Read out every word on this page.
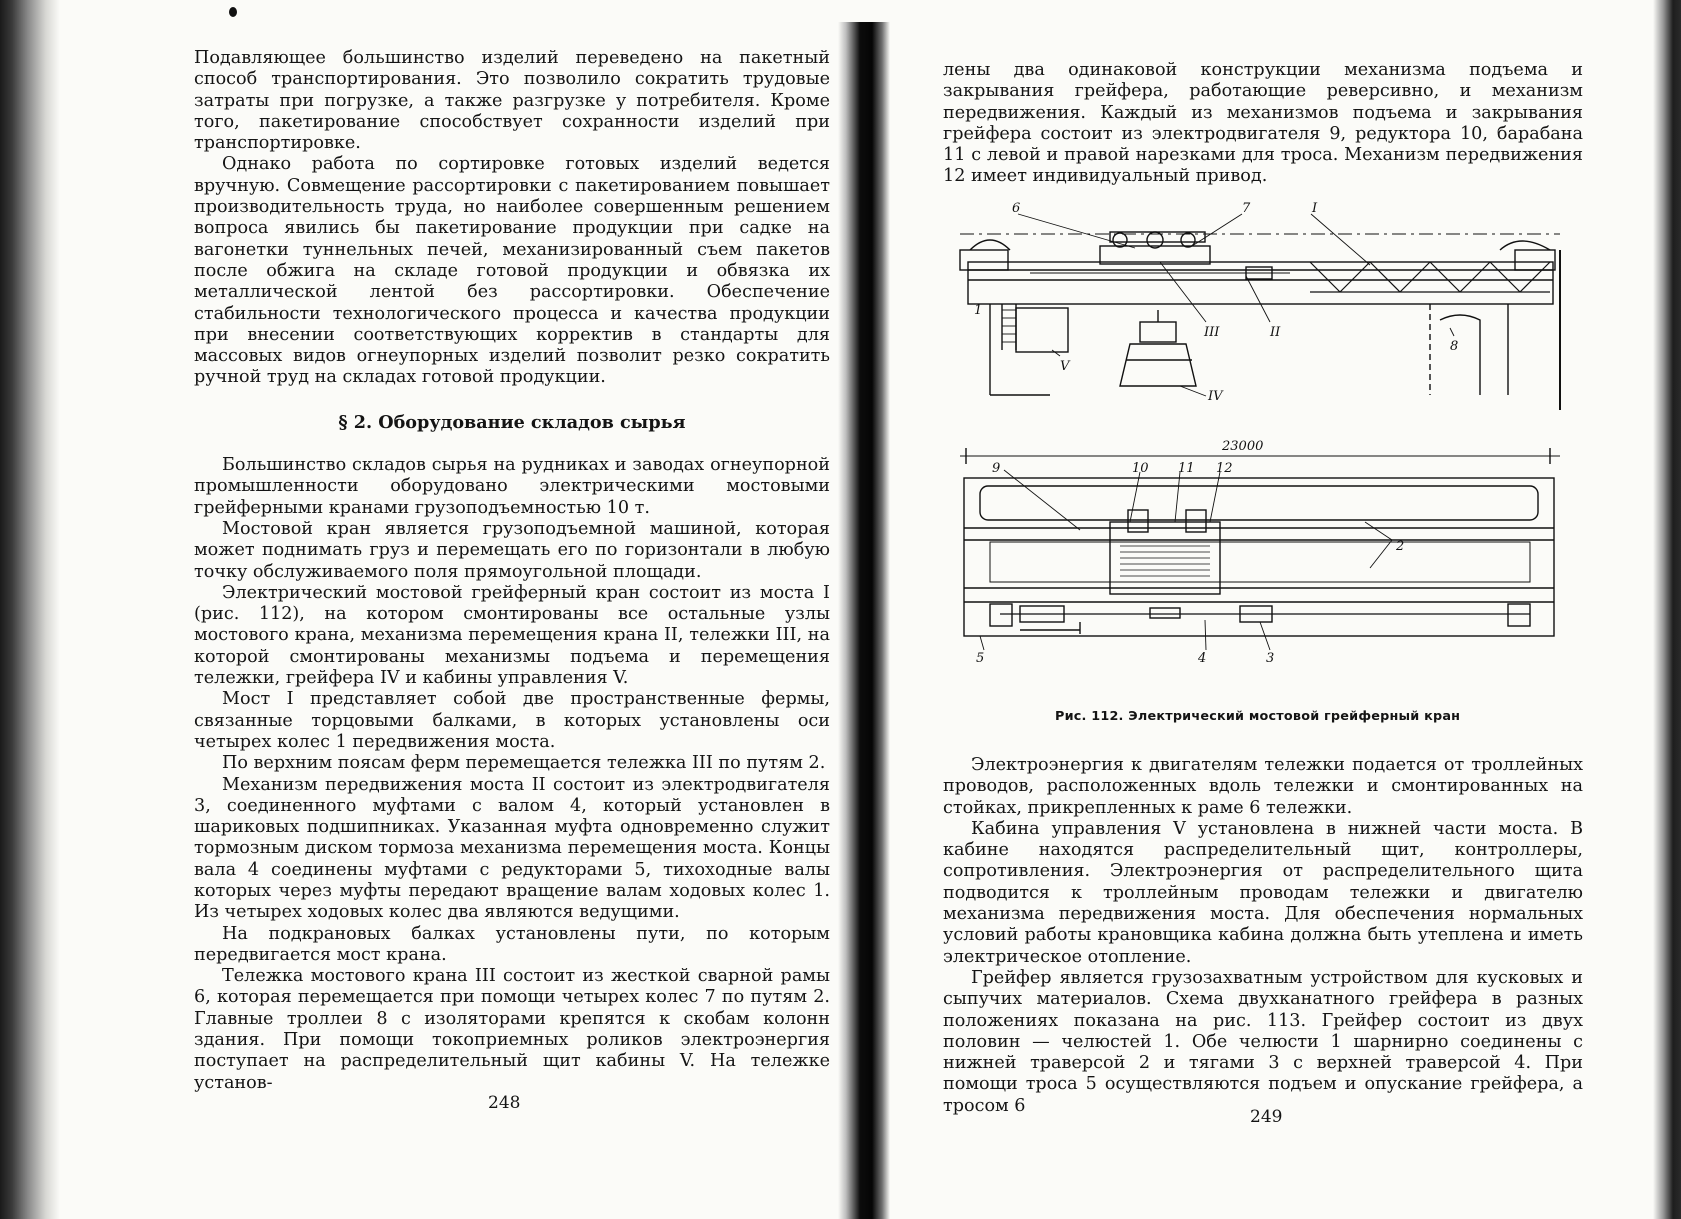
Подавляющее большинство изделий переведено на пакетный способ транспортирования. Это позволило сократить трудовые затраты при погрузке, а также разгрузке у потребителя. Кроме того, пакетирование способствует сохранности изделий при транспортировке.

Однако работа по сортировке готовых изделий ведется вручную. Совмещение рассортировки с пакетированием повышает производительность труда, но наиболее совершенным решением вопроса явились бы пакетирование продукции при садке на вагонетки туннельных печей, механизированный съем пакетов после обжига на складе готовой продукции и обвязка их металлической лентой без рассортировки. Обеспечение стабильности технологического процесса и качества продукции при внесении соответствующих корректив в стандарты для массовых видов огнеупорных изделий позволит резко сократить ручной труд на складах готовой продукции.

§ 2. Оборудование складов сырья

Большинство складов сырья на рудниках и заводах огнеупорной промышленности оборудовано электрическими мостовыми грейферными кранами грузоподъемностью 10 т.

Мостовой кран является грузоподъемной машиной, которая может поднимать груз и перемещать его по горизонтали в любую точку обслуживаемого поля прямоугольной площади.

Электрический мостовой грейферный кран состоит из моста I (рис. 112), на котором смонтированы все остальные узлы мостового крана, механизма перемещения крана II, тележки III, на которой смонтированы механизмы подъема и перемещения тележки, грейфера IV и кабины управления V.

Мост I представляет собой две пространственные фермы, связанные торцовыми балками, в которых установлены оси четырех колес 1 передвижения моста.

По верхним поясам ферм перемещается тележка III по путям 2.

Механизм передвижения моста II состоит из электродвигателя 3, соединенного муфтами с валом 4, который установлен в шариковых подшипниках. Указанная муфта одновременно служит тормозным диском тормоза механизма перемещения моста. Концы вала 4 соединены муфтами с редукторами 5, тихоходные валы которых через муфты передают вращение валам ходовых колес 1. Из четырех ходовых колес два являются ведущими.

На подкрановых балках установлены пути, по которым передвигается мост крана.

Тележка мостового крана III состоит из жесткой сварной рамы 6, которая перемещается при помощи четырех колес 7 по путям 2. Главные троллеи 8 с изоляторами крепятся к скобам колонн здания. При помощи токоприемных роликов электроэнергия поступает на распределительный щит кабины V. На тележке установ-

248

лены два одинаковой конструкции механизма подъема и закрывания грейфера, работающие реверсивно, и механизм передвижения. Каждый из механизмов подъема и закрывания грейфера состоит из электродвигателя 9, редуктора 10, барабана 11 с левой и правой нарезками для троса. Механизм передвижения 12 имеет индивидуальный привод.

Электроэнергия к двигателям тележки подается от троллейных проводов, расположенных вдоль тележки и смонтированных на стойках, прикрепленных к раме 6 тележки.

Кабина управления V установлена в нижней части моста. В кабине находятся распределительный щит, контроллеры, сопротивления. Электроэнергия от распределительного щита подводится к троллейным проводам тележки и двигателю механизма передвижения моста. Для обеспечения нормальных условий работы крановщика кабина должна быть утеплена и иметь электрическое отопление.

Грейфер является грузозахватным устройством для кусковых и сыпучих материалов. Схема двухканатного грейфера в разных положениях показана на рис. 113. Грейфер состоит из двух половин — челюстей 1. Обе челюсти 1 шарнирно соединены с нижней траверсой 2 и тягами 3 с верхней траверсой 4. При помощи троса 5 осуществляются подъем и опускание грейфера, а тросом 6

6	7	I
1
III	II
V
IV
8
23000
9	10 11 12
2
5	4	3
Рис. 112. Электрический мостовой грейферный кран
249
